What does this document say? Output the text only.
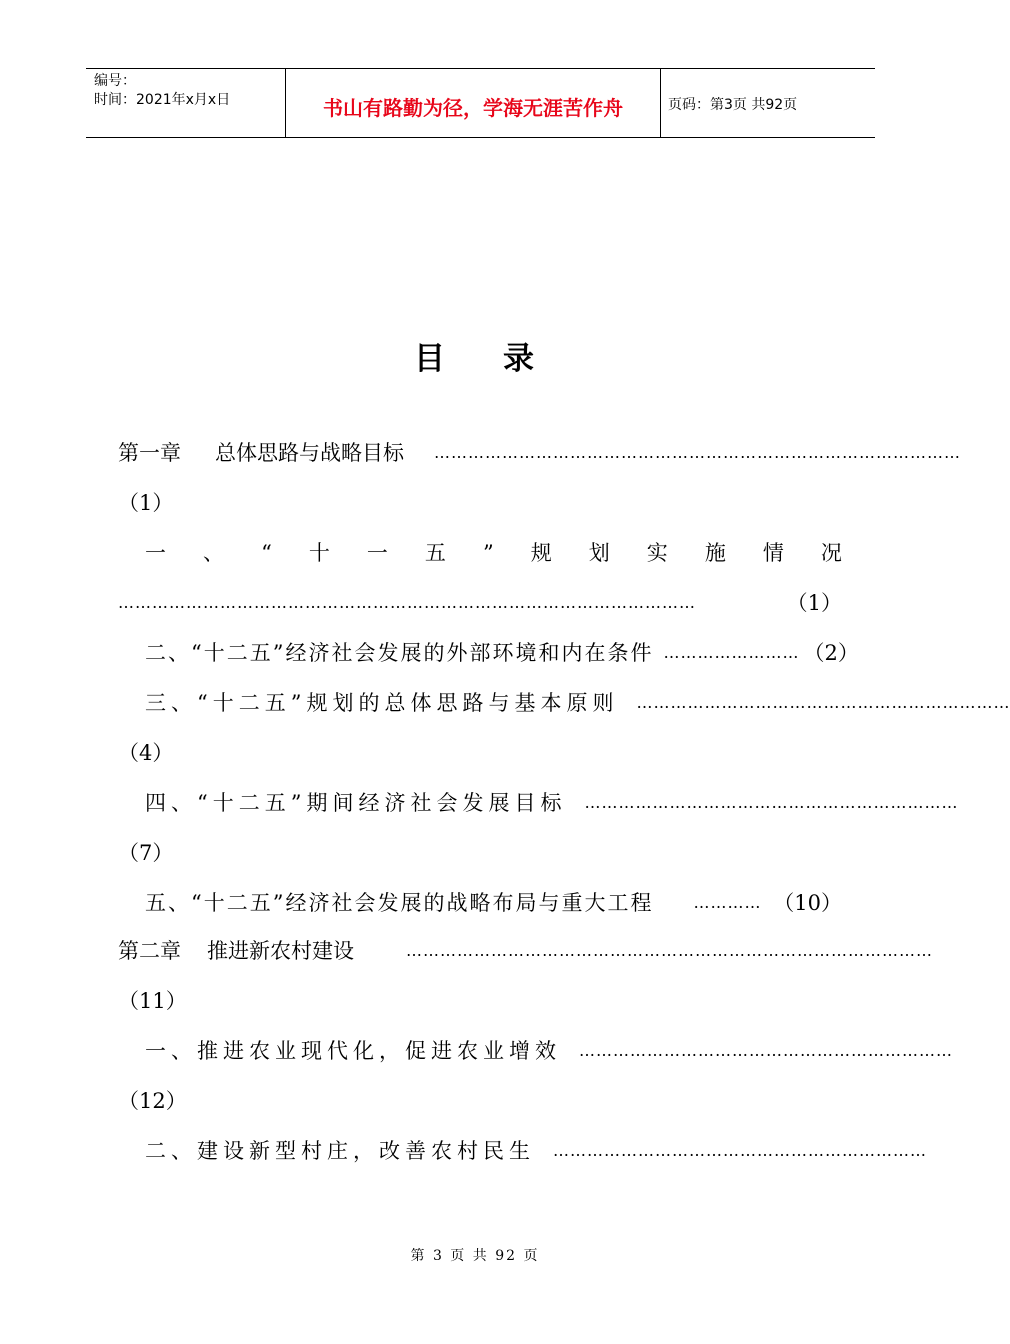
编号：
时间：2021年x月x日	书山有路勤为径，学海无涯苦作舟	页码：第3页 共92页
目 录
第一章 总体思路与战略目标 …………………………………………………………………………………
（1）
一 、 “ 十 一 五 ” 规 划 实 施 情 况
…………………………………………………………………………………………	（1）
二、“十二五”经济社会发展的外部环境和内在条件 …………………… （2）
三、“十二五”规划的总体思路与基本原则 …………………………………………………………
（4）
四、“十二五”期间经济社会发展目标 …………………………………………………………
（7）
五、“十二五”经济社会发展的战略布局与重大工程	………… （10）
第二章 推进新农村建设	…………………………………………………………………………………
（11）
一、推进农业现代化，促进农业增效 …………………………………………………………
（12）
二、建设新型村庄，改善农村民生 …………………………………………………………
第 3 页 共 92 页
